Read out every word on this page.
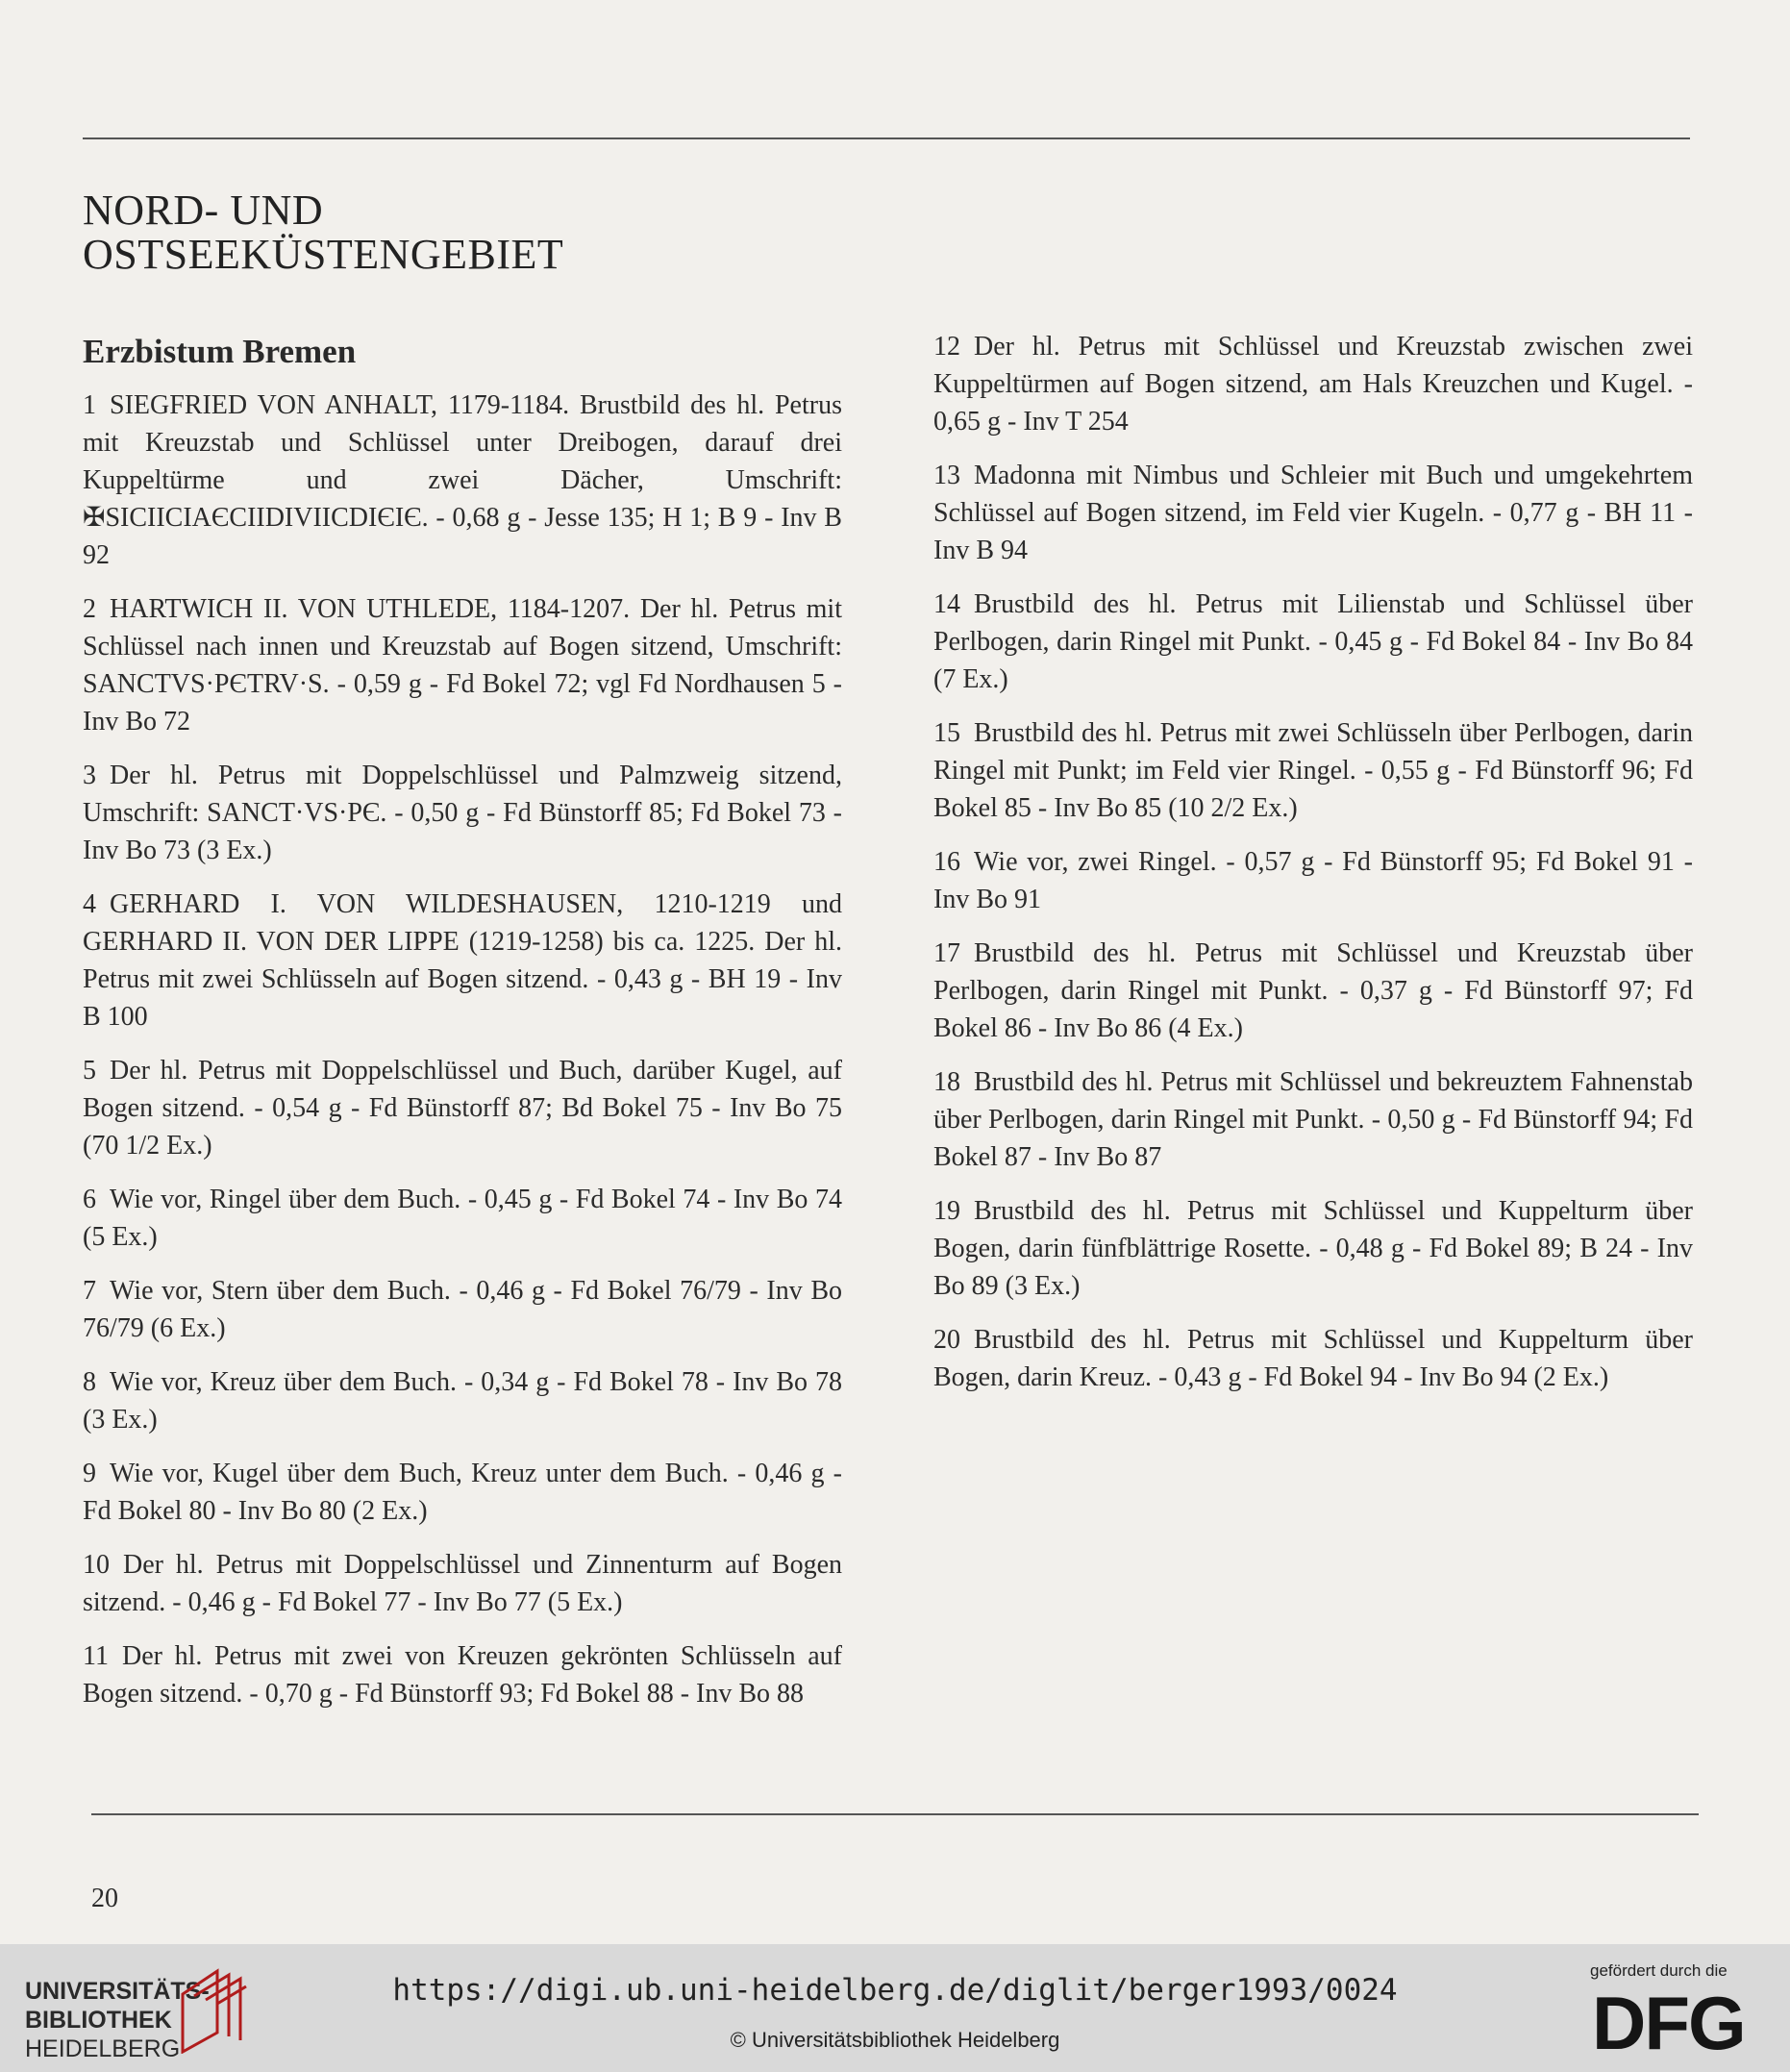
NORD- UND
OSTSEEKÜSTENGEBIET
Erzbistum Bremen

1 SIEGFRIED VON ANHALT, 1179-1184. Brustbild des hl. Petrus mit Kreuzstab und Schlüssel unter Dreibogen, darauf drei Kuppeltürme und zwei Dächer, Umschrift: ✠SICIICIAЄCIIDIVIICDIЄIЄ. - 0,68 g - Jesse 135; H 1; B 9 - Inv B 92

2 HARTWICH II. VON UTHLEDE, 1184-1207. Der hl. Petrus mit Schlüssel nach innen und Kreuzstab auf Bogen sitzend, Umschrift: SANCTVS·PЄTRV·S. - 0,59 g - Fd Bokel 72; vgl Fd Nordhausen 5 - Inv Bo 72

3 Der hl. Petrus mit Doppelschlüssel und Palmzweig sitzend, Umschrift: SANCT·VS·PЄ. - 0,50 g - Fd Bünstorff 85; Fd Bokel 73 - Inv Bo 73 (3 Ex.)

4 GERHARD I. VON WILDESHAUSEN, 1210-1219 und GERHARD II. VON DER LIPPE (1219-1258) bis ca. 1225. Der hl. Petrus mit zwei Schlüsseln auf Bogen sitzend. - 0,43 g - BH 19 - Inv B 100

5 Der hl. Petrus mit Doppelschlüssel und Buch, darüber Kugel, auf Bogen sitzend. - 0,54 g - Fd Bünstorff 87; Bd Bokel 75 - Inv Bo 75 (70 1/2 Ex.)

6 Wie vor, Ringel über dem Buch. - 0,45 g - Fd Bokel 74 - Inv Bo 74 (5 Ex.)

7 Wie vor, Stern über dem Buch. - 0,46 g - Fd Bokel 76/79 - Inv Bo 76/79 (6 Ex.)

8 Wie vor, Kreuz über dem Buch. - 0,34 g - Fd Bokel 78 - Inv Bo 78 (3 Ex.)

9 Wie vor, Kugel über dem Buch, Kreuz unter dem Buch. - 0,46 g - Fd Bokel 80 - Inv Bo 80 (2 Ex.)

10 Der hl. Petrus mit Doppelschlüssel und Zinnenturm auf Bogen sitzend. - 0,46 g - Fd Bokel 77 - Inv Bo 77 (5 Ex.)

11 Der hl. Petrus mit zwei von Kreuzen gekrönten Schlüsseln auf Bogen sitzend. - 0,70 g - Fd Bünstorff 93; Fd Bokel 88 - Inv Bo 88

12 Der hl. Petrus mit Schlüssel und Kreuzstab zwischen zwei Kuppeltürmen auf Bogen sitzend, am Hals Kreuzchen und Kugel. - 0,65 g - Inv T 254

13 Madonna mit Nimbus und Schleier mit Buch und umgekehrtem Schlüssel auf Bogen sitzend, im Feld vier Kugeln. - 0,77 g - BH 11 - Inv B 94

14 Brustbild des hl. Petrus mit Lilienstab und Schlüssel über Perlbogen, darin Ringel mit Punkt. - 0,45 g - Fd Bokel 84 - Inv Bo 84 (7 Ex.)

15 Brustbild des hl. Petrus mit zwei Schlüsseln über Perlbogen, darin Ringel mit Punkt; im Feld vier Ringel. - 0,55 g - Fd Bünstorff 96; Fd Bokel 85 - Inv Bo 85 (10 2/2 Ex.)

16 Wie vor, zwei Ringel. - 0,57 g - Fd Bünstorff 95; Fd Bokel 91 - Inv Bo 91

17 Brustbild des hl. Petrus mit Schlüssel und Kreuzstab über Perlbogen, darin Ringel mit Punkt. - 0,37 g - Fd Bünstorff 97; Fd Bokel 86 - Inv Bo 86 (4 Ex.)

18 Brustbild des hl. Petrus mit Schlüssel und bekreuztem Fahnenstab über Perlbogen, darin Ringel mit Punkt. - 0,50 g - Fd Bünstorff 94; Fd Bokel 87 - Inv Bo 87

19 Brustbild des hl. Petrus mit Schlüssel und Kuppelturm über Bogen, darin fünfblättrige Rosette. - 0,48 g - Fd Bokel 89; B 24 - Inv Bo 89 (3 Ex.)

20 Brustbild des hl. Petrus mit Schlüssel und Kuppelturm über Bogen, darin Kreuz. - 0,43 g - Fd Bokel 94 - Inv Bo 94 (2 Ex.)

20
UNIVERSITÄTS-
BIBLIOTHEK
HEIDELBERG
https://digi.ub.uni-heidelberg.de/diglit/berger1993/0024
© Universitätsbibliothek Heidelberg
gefördert durch die
DFG
